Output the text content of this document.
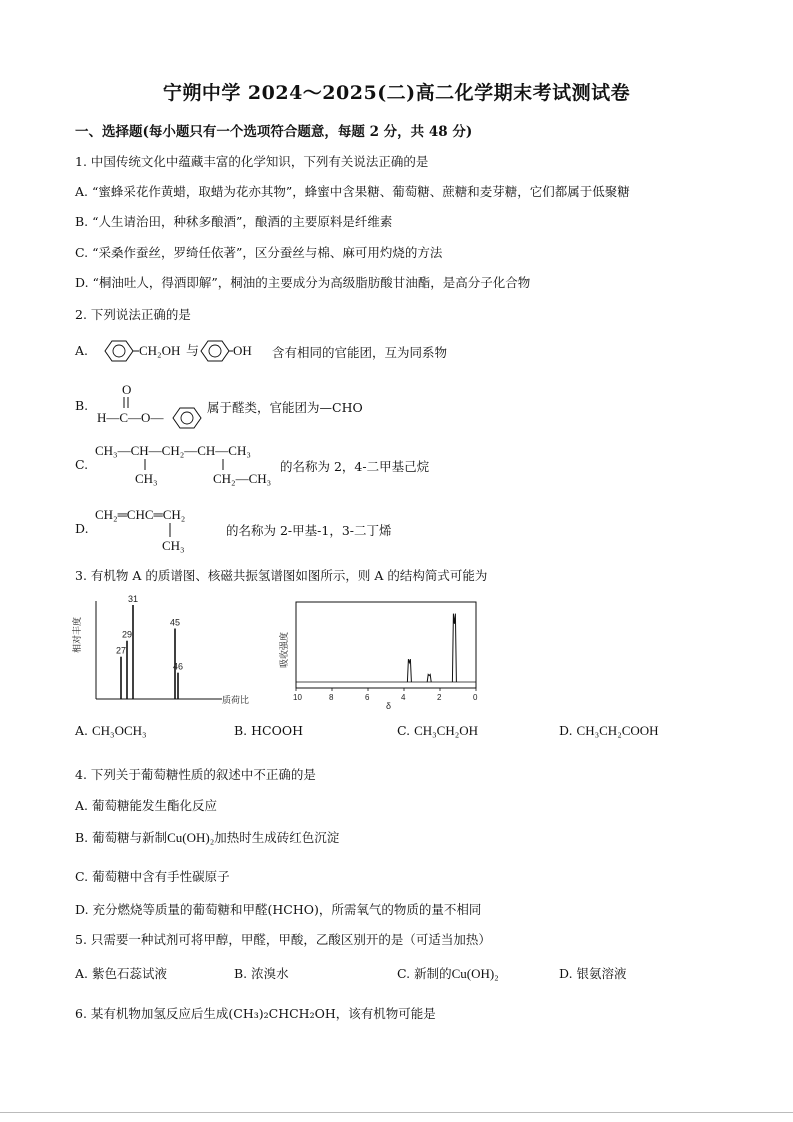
宁朔中学 2024～2025(二)高二化学期末考试测试卷
一、选择题(每小题只有一个选项符合题意，每题 2 分，共 48 分)
1. 中国传统文化中蕴藏丰富的化学知识，下列有关说法正确的是
A. “蜜蜂采花作黄蜡，取蜡为花亦其物”，蜂蜜中含果糖、葡萄糖、蔗糖和麦芽糖，它们都属于低聚糖
B. “人生请治田，种秫多酿酒”，酿酒的主要原料是纤维素
C. “采桑作蚕丝，罗绮任依著”，区分蚕丝与棉、麻可用灼烧的方法
D. “桐油吐人，得酒即解”，桐油的主要成分为高级脂肪酸甘油酯，是高分子化合物
2. 下列说法正确的是
A.	CH₂OH 与	OH 含有相同的官能团，互为同系物
B.
O
H—C—O—
属于醛类，官能团为—CHO
C.
CH₃—CH—CH₂—CH—CH₃
CH₃	CH₂—CH₃
的名称为 2，4-二甲基己烷
D.
CH₂═CHC═CH₂
CH₃
的名称为 2-甲基-1，3-二丁烯
3. 有机物 A 的质谱图、核磁共振氢谱图如图所示，则 A 的结构简式可能为
相对丰度
质荷比
27
29
31
45
46	吸收强度
10	8	6	4	2	0
δ
A. CH₃OCH₃	B. HCOOH	C. CH₃CH₂OH	D. CH₃CH₂COOH
4. 下列关于葡萄糖性质的叙述中不正确的是
A. 葡萄糖能发生酯化反应
B. 葡萄糖与新制Cu(OH)₂加热时生成砖红色沉淀
C. 葡萄糖中含有手性碳原子
D. 充分燃烧等质量的葡萄糖和甲醛(HCHO)，所需氧气的物质的量不相同
5. 只需要一种试剂可将甲醇，甲醛，甲酸，乙酸区别开的是（可适当加热）
A. 紫色石蕊试液	B. 浓溴水	C. 新制的Cu(OH)₂	D. 银氨溶液
6. 某有机物加氢反应后生成(CH₃)₂CHCH₂OH，该有机物可能是
